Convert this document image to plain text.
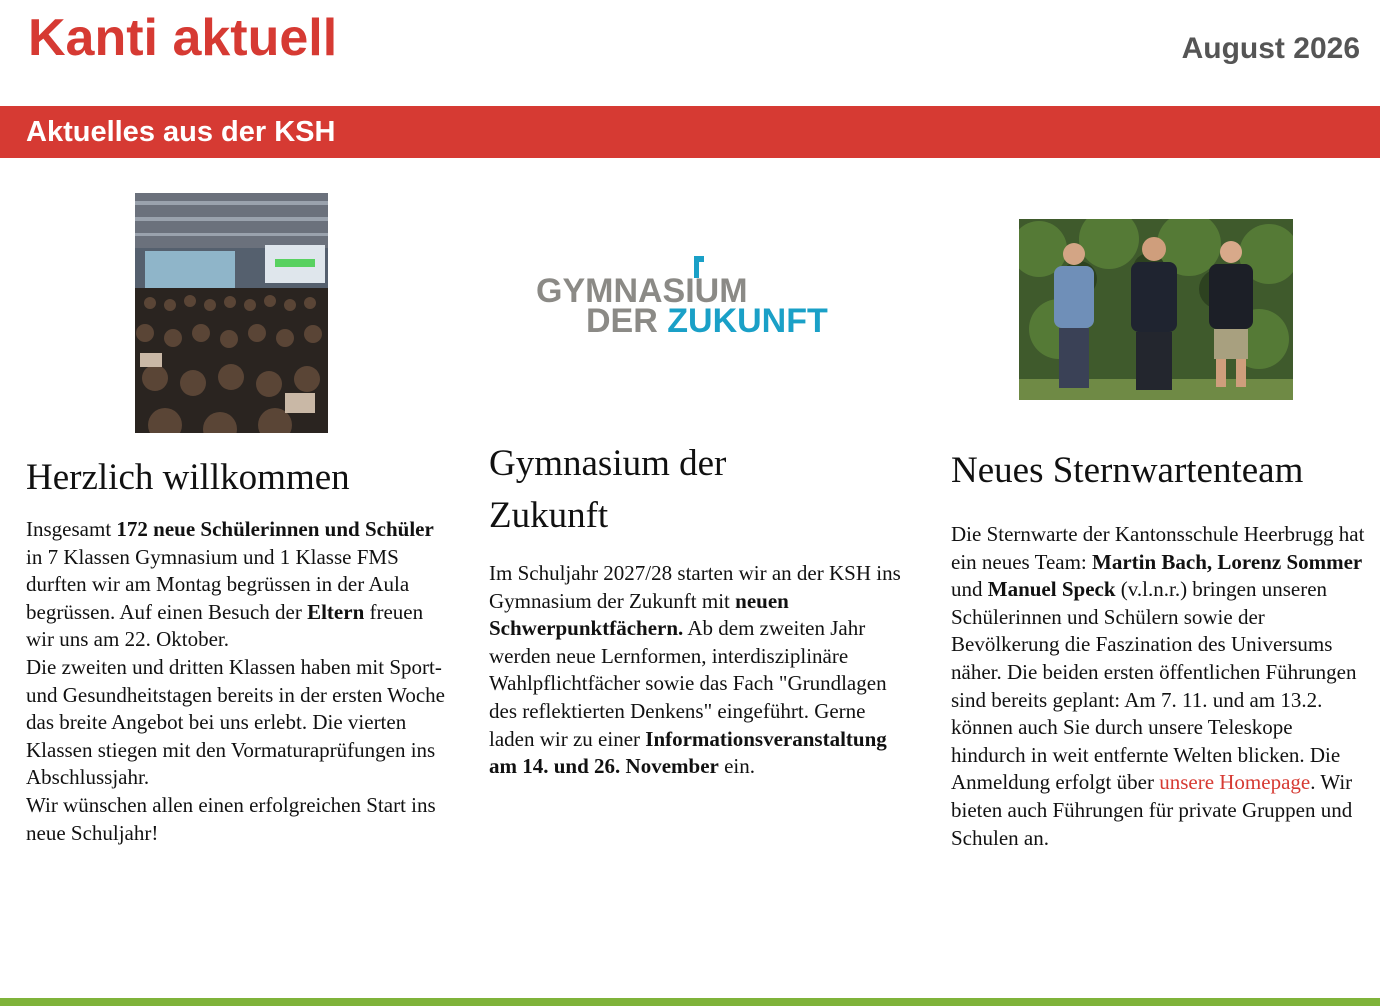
Kanti aktuell	August 2026
Aktuelles aus der KSH
GYMNASIUM
DER ZUKUNFT
Herzlich willkommen

Insgesamt 172 neue Schülerinnen und Schüler in 7 Klassen Gymnasium und 1 Klasse FMS durften wir am Montag begrüssen in der Aula begrüssen. Auf einen Besuch der Eltern freuen wir uns am 22. Oktober.
Die zweiten und dritten Klassen haben mit Sport- und Gesundheitstagen bereits in der ersten Woche das breite Angebot bei uns erlebt. Die vierten Klassen stiegen mit den Vormaturaprüfungen ins Abschlussjahr.
Wir wünschen allen einen erfolgreichen Start ins neue Schuljahr!

Gymnasium der
Zukunft

Im Schuljahr 2027/28 starten wir an der KSH ins Gymnasium der Zukunft mit neuen Schwerpunktfächern. Ab dem zweiten Jahr werden neue Lernformen, interdisziplinäre Wahlpflichtfächer sowie das Fach "Grundlagen des reflektierten Denkens" eingeführt. Gerne laden wir zu einer Informationsveranstaltung am 14. und 26. November ein.

Neues Sternwartenteam

Die Sternwarte der Kantonsschule Heerbrugg hat ein neues Team: Martin Bach, Lorenz Sommer und Manuel Speck (v.l.n.r.) bringen unseren Schülerinnen und Schülern sowie der Bevölkerung die Faszination des Universums näher. Die beiden ersten öffentlichen Führungen sind bereits geplant: Am 7. 11. und am 13.2. können auch Sie durch unsere Teleskope hindurch in weit entfernte Welten blicken. Die Anmeldung erfolgt über unsere Homepage. Wir bieten auch Führungen für private Gruppen und Schulen an.
